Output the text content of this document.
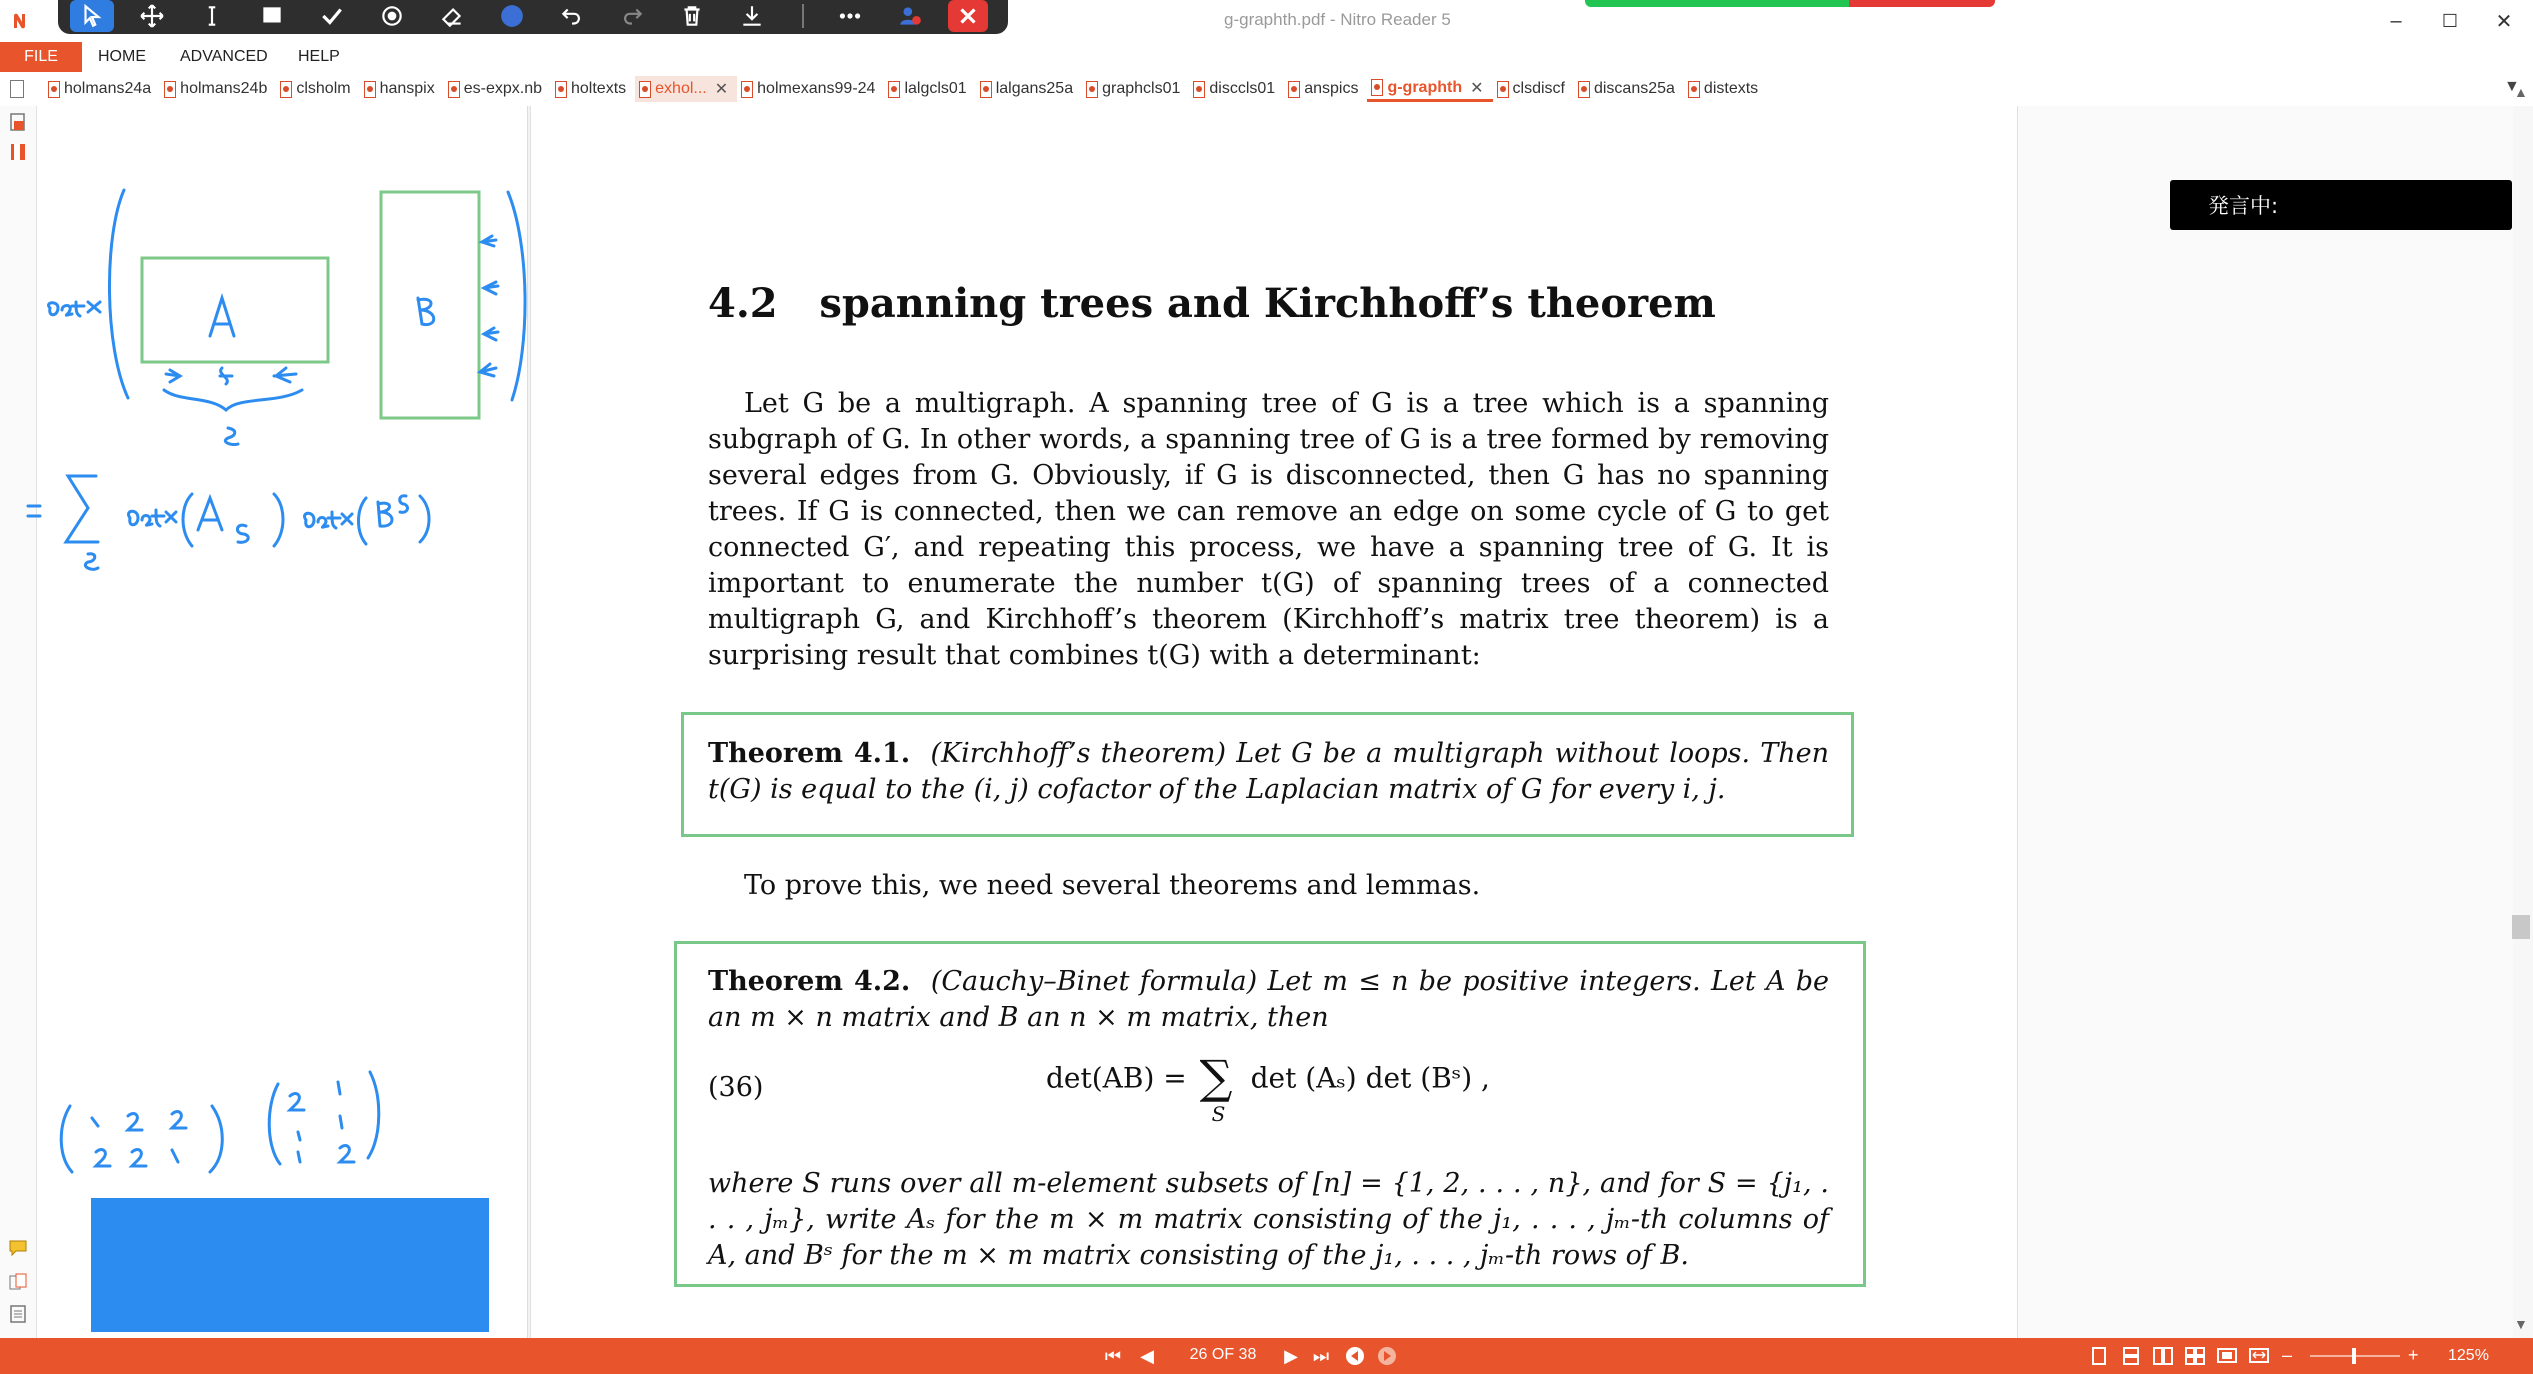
g-graphth.pdf - Nitro Reader 5	–	☐	✕
FILE	HOME ADVANCED HELP
holmans24a holmans24b clsholm hanspix es-expx.nb holtexts exhol... ✕ holmexans99-24 lalgcls01 lalgans25a graphcls01 disccls01 anspics g-graphth ✕ clsdiscf discans25a distexts	▼
4.2 spanning trees and Kirchhoff’s theorem
Let G be a multigraph. A spanning tree of G is a tree which is a spanning subgraph of G. In other words, a spanning tree of G is a tree formed by removing several edges from G. Obviously, if G is disconnected, then G has no spanning trees. If G is connected, then we can remove an edge on some cycle of G to get connected G′, and repeating this process, we have a spanning tree of G. It is important to enumerate the number t(G) of spanning trees of a connected multigraph G, and Kirchhoff’s theorem (Kirchhoff’s matrix tree theorem) is a surprising result that combines t(G) with a determinant:
Theorem 4.1. (Kirchhoff’s theorem) Let G be a multigraph without loops. Then t(G) is equal to the (i, j) cofactor of the Laplacian matrix of G for every i, j.
To prove this, we need several theorems and lemmas.
Theorem 4.2. (Cauchy–Binet formula) Let m ≤ n be positive integers. Let A be an m × n matrix and B an n × m matrix, then
(36)	det(AB) = ∑
S
det (Aₛ) det (Bˢ) ,
where S runs over all m-element subsets of [n] = {1, 2, . . . , n}, and for S = {j₁, . . . , jₘ}, write Aₛ for the m × m matrix consisting of the j₁, . . . , jₘ-th columns of A, and Bˢ for the m × m matrix consisting of the j₁, . . . , jₘ-th rows of B.
発言中:
▲
▼
⏮	◀	26 OF 38	▶ ⏭	–	+ 125%
